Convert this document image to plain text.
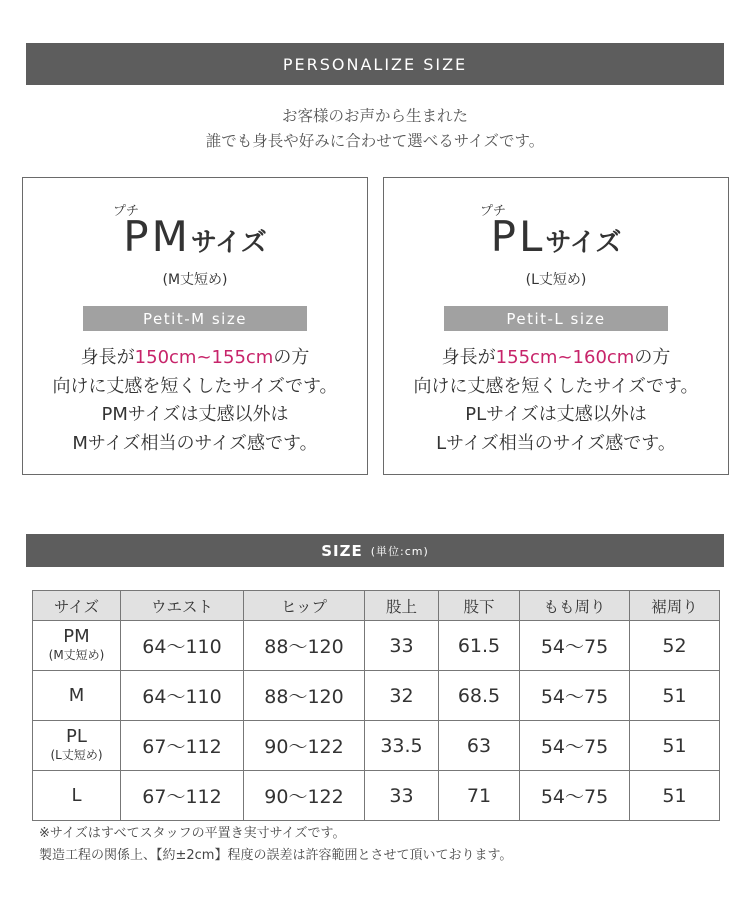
PERSONALIZE SIZE
お客様のお声から生まれた
誰でも身長や好みに合わせて選べるサイズです。
プチ
PMサイズ
(M丈短め)
Petit-M size
身長が150cm~155cmの方
向けに丈感を短くしたサイズです。
PMサイズは丈感以外は
Mサイズ相当のサイズ感です。
プチ
PLサイズ
(L丈短め)
Petit-L size
身長が155cm~160cmの方
向けに丈感を短くしたサイズです。
PLサイズは丈感以外は
Lサイズ相当のサイズ感です。
SIZE (単位:cm)
サイズ	ウエスト	ヒップ	股上	股下	もも周り	裾周り

PM
(M丈短め)	64〜110	88〜120	33	61.5	54〜75	52

M	64〜110	88〜120	32	68.5	54〜75	51

PL
(L丈短め)	67〜112	90〜122	33.5	63	54〜75	51

L	67〜112	90〜122	33	71	54〜75	51
※サイズはすべてスタッフの平置き実寸サイズです。
製造工程の関係上、【約±2cm】程度の誤差は許容範囲とさせて頂いております。
